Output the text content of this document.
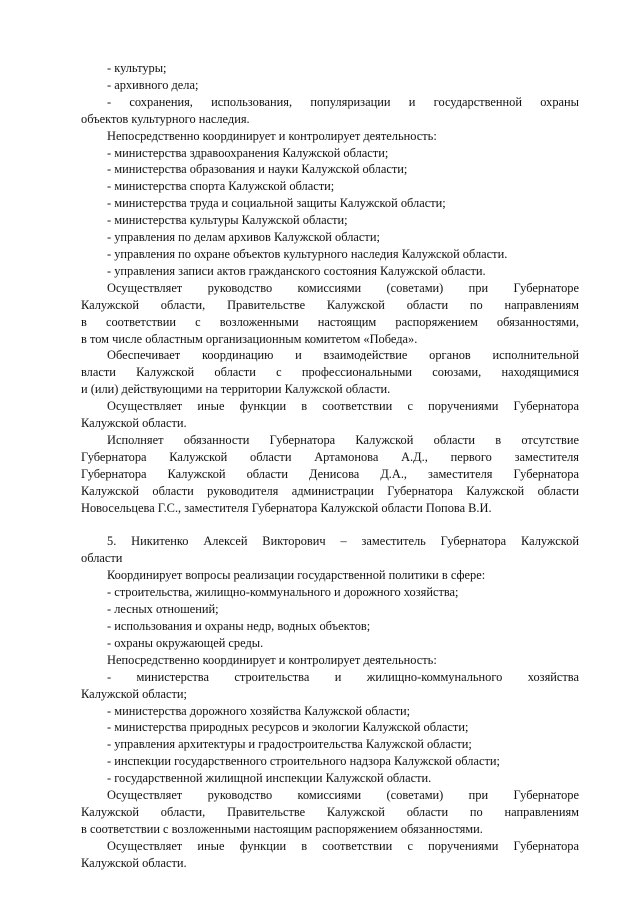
- культуры;

- архивного дела;

- сохранения, использования, популяризации и государственной охраны

объектов культурного наследия.

Непосредственно координирует и контролирует деятельность:

- министерства здравоохранения Калужской области;

- министерства образования и науки Калужской области;

- министерства спорта Калужской области;

- министерства труда и социальной защиты Калужской области;

- министерства культуры Калужской области;

- управления по делам архивов Калужской области;

- управления по охране объектов культурного наследия Калужской области.

- управления записи актов гражданского состояния Калужской области.

Осуществляет руководство комиссиями (советами) при Губернаторе

Калужской области, Правительстве Калужской области по направлениям

в соответствии с возложенными настоящим распоряжением обязанностями,

в том числе областным организационным комитетом «Победа».

Обеспечивает координацию и взаимодействие органов исполнительной

власти Калужской области с профессиональными союзами, находящимися

и (или) действующими на территории Калужской области.

Осуществляет иные функции в соответствии с поручениями Губернатора

Калужской области.

Исполняет обязанности Губернатора Калужской области в отсутствие

Губернатора Калужской области Артамонова А.Д., первого заместителя

Губернатора Калужской области Денисова Д.А., заместителя Губернатора

Калужской области руководителя администрации Губернатора Калужской области

Новосельцева Г.С., заместителя Губернатора Калужской области Попова В.И.

5. Никитенко Алексей Викторович – заместитель Губернатора Калужской

области

Координирует вопросы реализации государственной политики в сфере:

- строительства, жилищно-коммунального и дорожного хозяйства;

- лесных отношений;

- использования и охраны недр, водных объектов;

- охраны окружающей среды.

Непосредственно координирует и контролирует деятельность:

- министерства строительства и жилищно-коммунального хозяйства

Калужской области;

- министерства дорожного хозяйства Калужской области;

- министерства природных ресурсов и экологии Калужской области;

- управления архитектуры и градостроительства Калужской области;

- инспекции государственного строительного надзора Калужской области;

- государственной жилищной инспекции Калужской области.

Осуществляет руководство комиссиями (советами) при Губернаторе

Калужской области, Правительстве Калужской области по направлениям

в соответствии с возложенными настоящим распоряжением обязанностями.

Осуществляет иные функции в соответствии с поручениями Губернатора

Калужской области.
